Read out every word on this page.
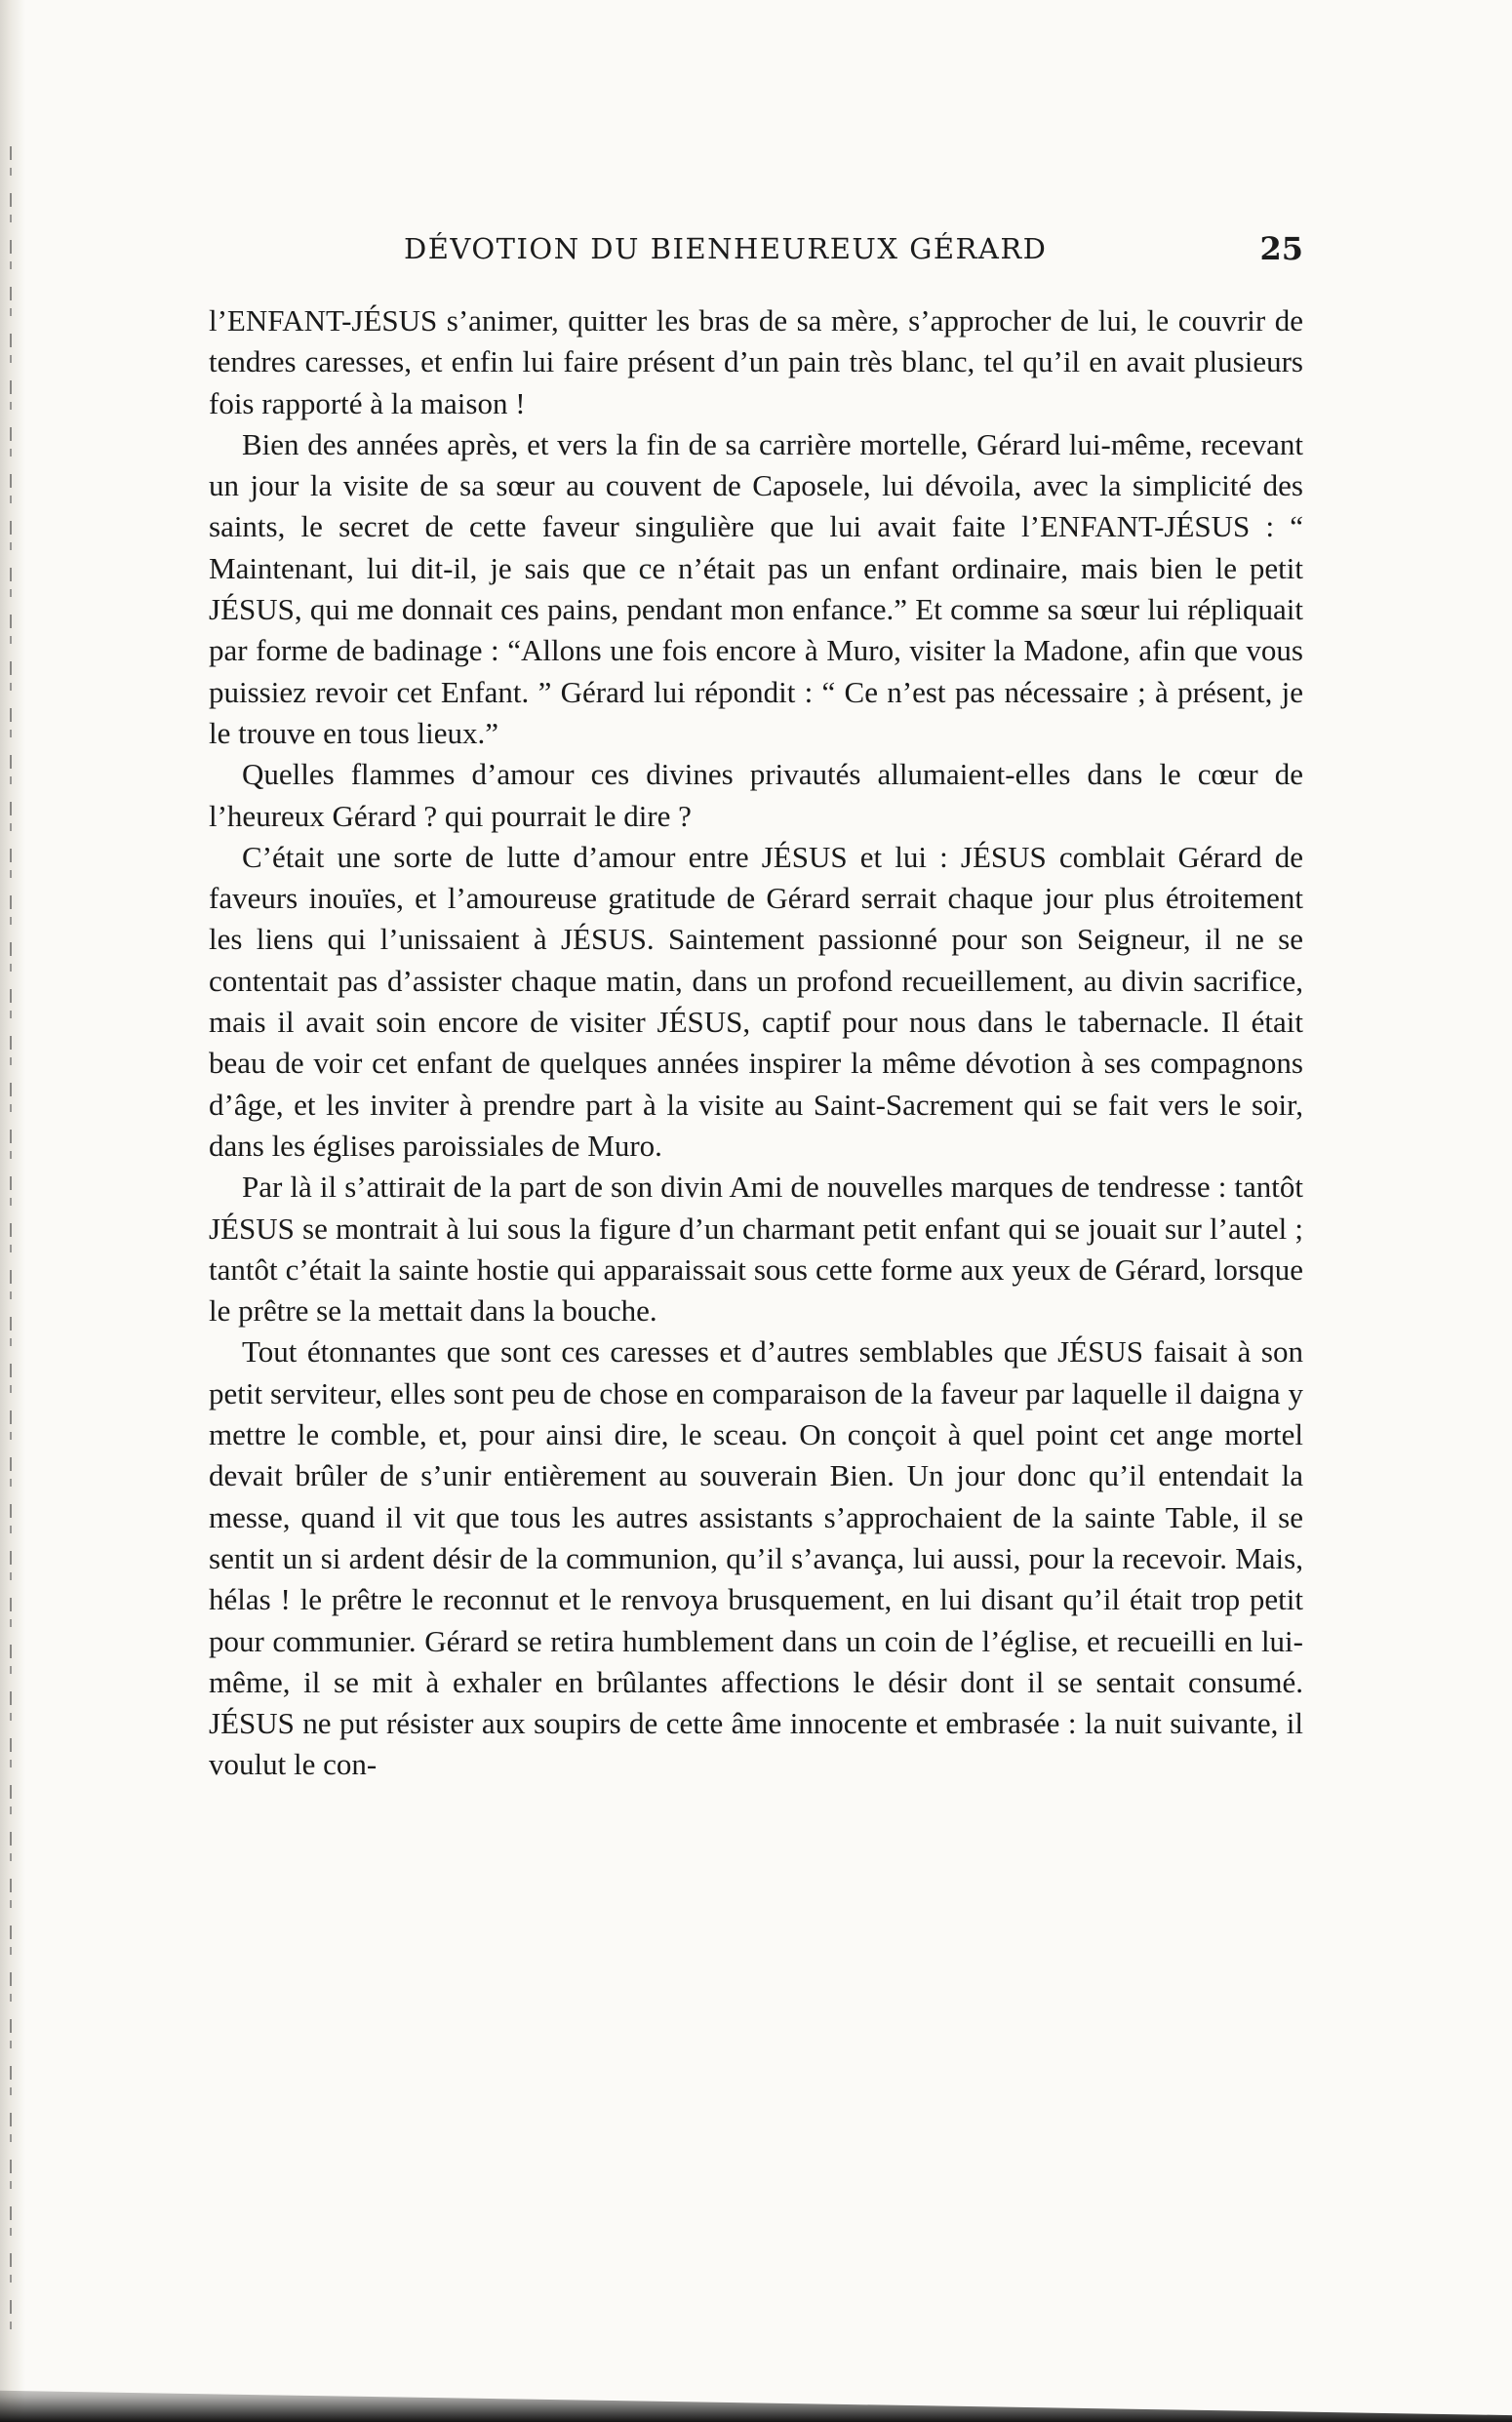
DÉVOTION DU BIENHEUREUX GÉRARD	25

l’ENFANT-JÉSUS s’animer, quitter les bras de sa mère, s’approcher de lui, le couvrir de tendres caresses, et enfin lui faire présent d’un pain très blanc, tel qu’il en avait plusieurs fois rapporté à la maison !

Bien des années après, et vers la fin de sa carrière mortelle, Gérard lui-même, recevant un jour la visite de sa sœur au couvent de Caposele, lui dévoila, avec la simplicité des saints, le secret de cette faveur singulière que lui avait faite l’ENFANT-JÉSUS : “ Maintenant, lui dit-il, je sais que ce n’était pas un enfant ordinaire, mais bien le petit JÉSUS, qui me donnait ces pains, pendant mon enfance.” Et comme sa sœur lui répliquait par forme de badinage : “Allons une fois encore à Muro, visiter la Madone, afin que vous puissiez revoir cet Enfant. ” Gérard lui répondit : “ Ce n’est pas nécessaire ; à présent, je le trouve en tous lieux.”

Quelles flammes d’amour ces divines privautés allumaient-elles dans le cœur de l’heureux Gérard ? qui pourrait le dire ?

C’était une sorte de lutte d’amour entre JÉSUS et lui : JÉSUS comblait Gérard de faveurs inouïes, et l’amoureuse gratitude de Gérard serrait chaque jour plus étroitement les liens qui l’unissaient à JÉSUS. Saintement passionné pour son Seigneur, il ne se contentait pas d’assister chaque matin, dans un profond recueillement, au divin sacrifice, mais il avait soin encore de visiter JÉSUS, captif pour nous dans le tabernacle. Il était beau de voir cet enfant de quelques années inspirer la même dévotion à ses compagnons d’âge, et les inviter à prendre part à la visite au Saint-Sacrement qui se fait vers le soir, dans les églises paroissiales de Muro.

Par là il s’attirait de la part de son divin Ami de nouvelles marques de tendresse : tantôt JÉSUS se montrait à lui sous la figure d’un charmant petit enfant qui se jouait sur l’autel ; tantôt c’était la sainte hostie qui apparaissait sous cette forme aux yeux de Gérard, lorsque le prêtre se la mettait dans la bouche.

Tout étonnantes que sont ces caresses et d’autres semblables que JÉSUS faisait à son petit serviteur, elles sont peu de chose en comparaison de la faveur par laquelle il daigna y mettre le comble, et, pour ainsi dire, le sceau. On conçoit à quel point cet ange mortel devait brûler de s’unir entièrement au souverain Bien. Un jour donc qu’il entendait la messe, quand il vit que tous les autres assistants s’approchaient de la sainte Table, il se sentit un si ardent désir de la communion, qu’il s’avança, lui aussi, pour la recevoir. Mais, hélas ! le prêtre le reconnut et le renvoya brusquement, en lui disant qu’il était trop petit pour communier. Gérard se retira humblement dans un coin de l’église, et recueilli en lui-même, il se mit à exhaler en brûlantes affections le désir dont il se sentait consumé. JÉSUS ne put résister aux soupirs de cette âme innocente et embrasée : la nuit suivante, il voulut le con-
